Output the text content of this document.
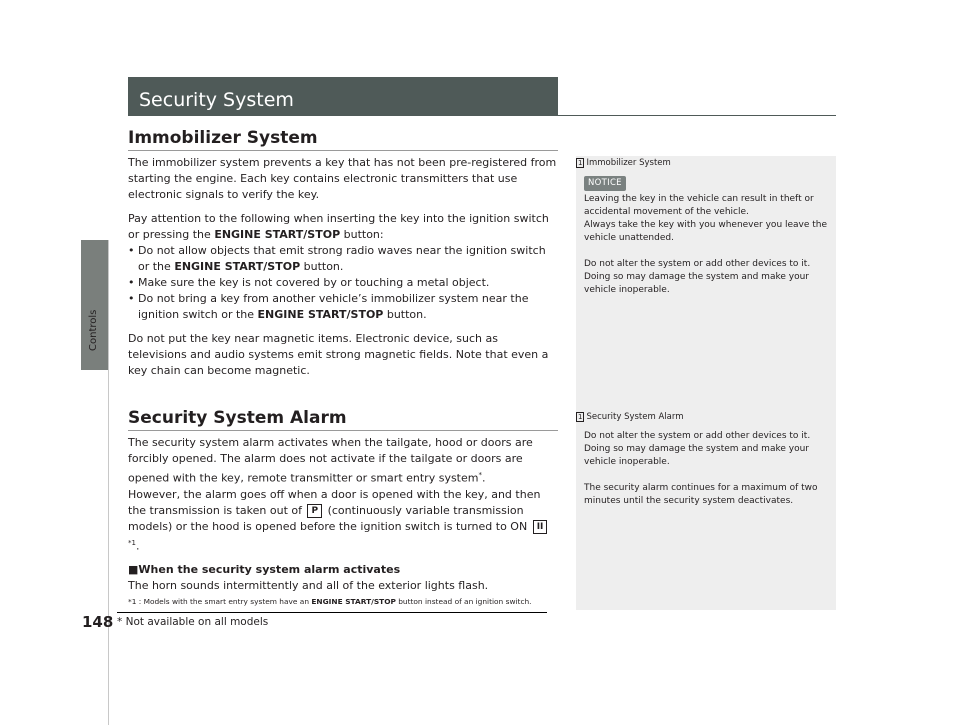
Controls
148
Security System
Immobilizer System

The immobilizer system prevents a key that has not been pre-registered from starting the engine. Each key contains electronic transmitters that use electronic signals to verify the key.

Pay attention to the following when inserting the key into the ignition switch or pressing the ENGINE START/STOP button:

• Do not allow objects that emit strong radio waves near the ignition switch or the ENGINE START/STOP button.
• Make sure the key is not covered by or touching a metal object.
• Do not bring a key from another vehicle’s immobilizer system near the ignition switch or the ENGINE START/STOP button.

Do not put the key near magnetic items. Electronic device, such as televisions and audio systems emit strong magnetic fields. Note that even a key chain can become magnetic.

Security System Alarm

The security system alarm activates when the tailgate, hood or doors are forcibly opened. The alarm does not activate if the tailgate or doors are opened with the key, remote transmitter or smart entry system*.

However, the alarm goes off when a door is opened with the key, and then the transmission is taken out of P (continuously variable transmission models) or the hood is opened before the ignition switch is turned to ON II$^{*1}$.

■When the security system alarm activates

The horn sounds intermittently and all of the exterior lights flash.

*1 : Models with the smart entry system have an ENGINE START/STOP button instead of an ignition switch.
* Not available on all models
1 Immobilizer System
NOTICE

Leaving the key in the vehicle can result in theft or accidental movement of the vehicle.

Always take the key with you whenever you leave the vehicle unattended.

Do not alter the system or add other devices to it. Doing so may damage the system and make your vehicle inoperable.

1 Security System Alarm

Do not alter the system or add other devices to it. Doing so may damage the system and make your vehicle inoperable.

The security alarm continues for a maximum of two minutes until the security system deactivates.
